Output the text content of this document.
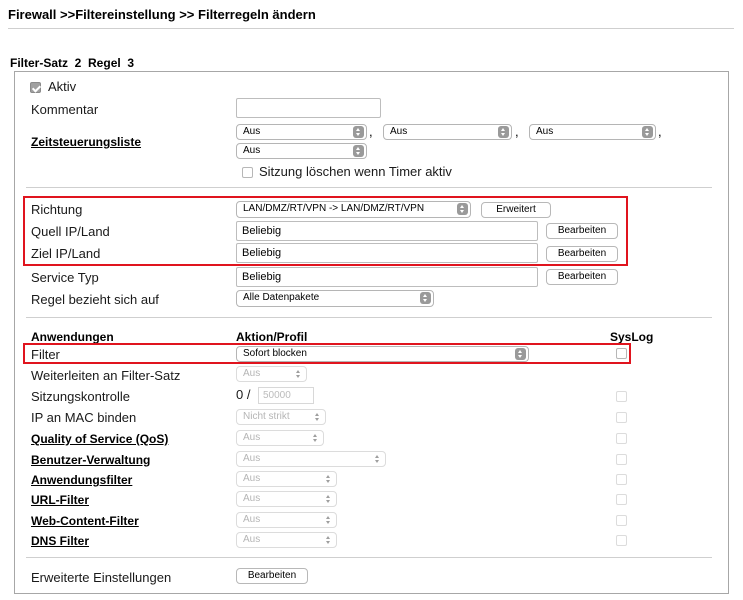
Firewall >>Filtereinstellung >> Filterregeln ändern
Filter-Satz  2  Regel  3
Aktiv
Kommentar
Zeitsteuerungsliste
Aus	,	Aus	,	Aus	,
Aus
Sitzung löschen wenn Timer aktiv
Richtung	LAN/DMZ/RT/VPN -> LAN/DMZ/RT/VPN	Erweitert
Quell IP/Land	Beliebig	Bearbeiten
Ziel IP/Land	Beliebig	Bearbeiten
Service Typ	Beliebig	Bearbeiten
Regel bezieht sich auf	Alle Datenpakete
Anwendungen	Aktion/Profil	SysLog
Filter	Sofort blocken
Weiterleiten an Filter-Satz	Aus
Sitzungskontrolle	0 /	50000
IP an MAC binden	Nicht strikt
Quality of Service (QoS)	Aus
Benutzer-Verwaltung	Aus
Anwendungsfilter	Aus
URL-Filter	Aus
Web-Content-Filter	Aus
DNS Filter	Aus
Erweiterte Einstellungen	Bearbeiten
